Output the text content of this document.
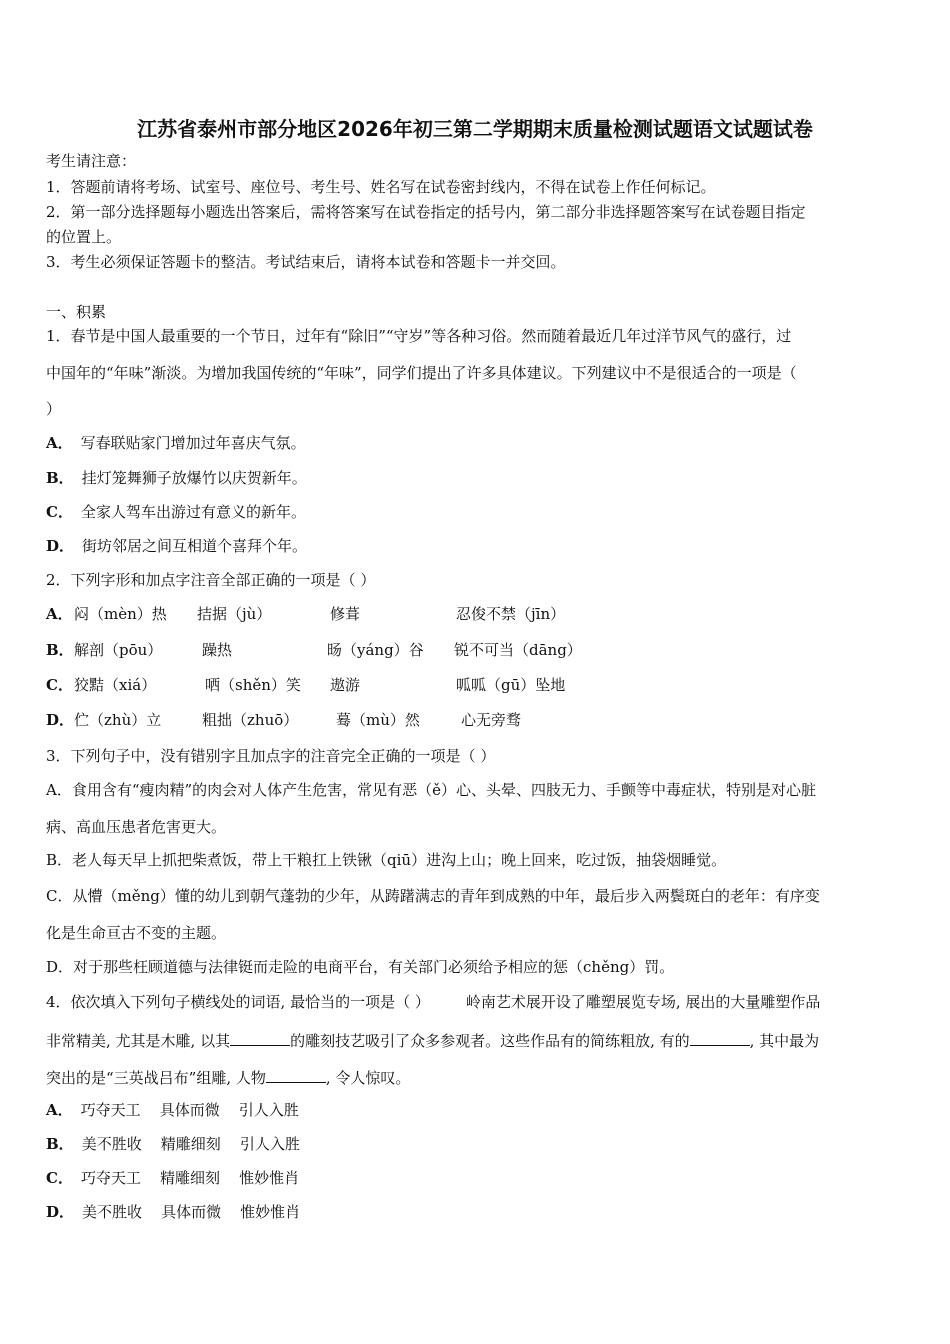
江苏省泰州市部分地区2026年初三第二学期期末质量检测试题语文试题试卷
考生请注意：
1．答题前请将考场、试室号、座位号、考生号、姓名写在试卷密封线内，不得在试卷上作任何标记。
2．第一部分选择题每小题选出答案后，需将答案写在试卷指定的括号内，第二部分非选择题答案写在试卷题目指定
的位置上。
3．考生必须保证答题卡的整洁。考试结束后，请将本试卷和答题卡一并交回。
一、积累
1．春节是中国人最重要的一个节日，过年有“除旧”“守岁”等各种习俗。然而随着最近几年过洋节风气的盛行，过
中国年的“年味”渐淡。为增加我国传统的“年味”，同学们提出了许多具体建议。下列建议中不是很适合的一项是（
）
A． 写春联贴家门增加过年喜庆气氛。
B． 挂灯笼舞狮子放爆竹以庆贺新年。
C． 全家人驾车出游过有意义的新年。
D． 街坊邻居之间互相道个喜拜个年。
2．下列字形和加点字注音全部正确的一项是（ ）
A． 闷（mèn）热 拮据（jù）	修葺	忍俊不禁（jīn）
B． 解剖（pōu）	躁热	旸（yáng）谷 锐不可当（dāng）
C． 狡黠（xiá）	哂（shěn）笑 遨游	呱呱（gū）坠地
D． 伫（zhù）立	粗拙（zhuō）	蓦（mù）然	心无旁骛
3．下列句子中，没有错别字且加点字的注音完全正确的一项是（ ）
A．食用含有“瘦肉精”的肉会对人体产生危害，常见有恶（ě）心、头晕、四肢无力、手颤等中毒症状，特别是对心脏
病、高血压患者危害更大。
B．老人每天早上抓把柴煮饭，带上干粮扛上铁锹（qiū）进沟上山；晚上回来，吃过饭，抽袋烟睡觉。
C．从懵（měng）懂的幼儿到朝气蓬勃的少年，从踌躇满志的青年到成熟的中年，最后步入两鬓斑白的老年：有序变
化是生命亘古不变的主题。
D．对于那些枉顾道德与法律铤而走险的电商平台，有关部门必须给予相应的惩（chěng）罚。
4．依次填入下列句子横线处的词语, 最恰当的一项是（ ） 岭南艺术展开设了雕塑展览专场, 展出的大量雕塑作品
非常精美, 尤其是木雕, 以其	的雕刻技艺吸引了众多参观者。这些作品有的简练粗放, 有的	, 其中最为
突出的是“三英战吕布”组雕, 人物	, 令人惊叹。
A． 巧夺天工    具体而微    引人入胜
B． 美不胜收    精雕细刻    引人入胜
C． 巧夺天工    精雕细刻    惟妙惟肖
D． 美不胜收    具体而微    惟妙惟肖
